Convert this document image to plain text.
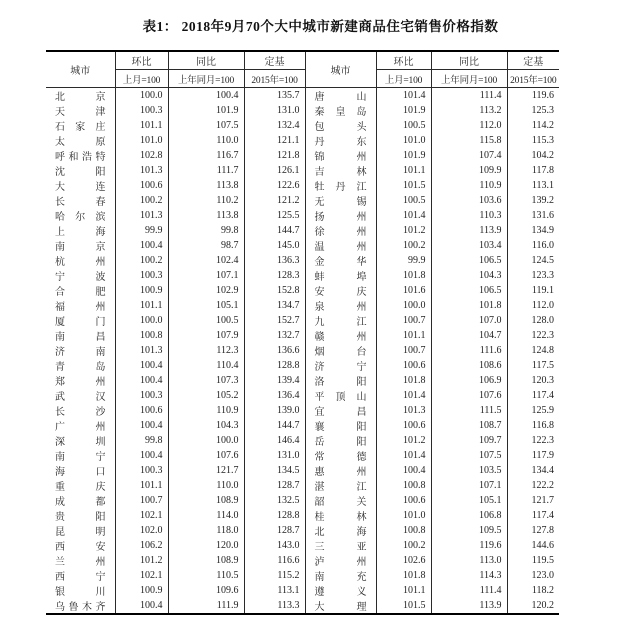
表1： 2018年9月70个大中城市新建商品住宅销售价格指数
城市	环比	同比	定基	城市	环比	同比	定基
	上月=100	上年同月=100	2015年=100		上月=100	上年同月=100	2015年=100

北 京	100.0	100.4	135.7	唐 山	101.4	111.4	119.6

天 津	100.3	101.9	131.0	秦 皇 岛	101.9	113.2	125.3

石 家 庄	101.1	107.5	132.4	包 头	100.5	112.0	114.2

太 原	101.0	110.0	121.1	丹 东	101.0	115.8	115.3

呼 和 浩 特	102.8	116.7	121.8	锦 州	101.9	107.4	104.2

沈 阳	101.3	111.7	126.1	吉 林	101.1	109.9	117.8

大 连	100.6	113.8	122.6	牡 丹 江	101.5	110.9	113.1

长 春	100.2	110.2	121.2	无 锡	100.5	103.6	139.2

哈 尔 滨	101.3	113.8	125.5	扬 州	101.4	110.3	131.6

上 海	99.9	99.8	144.7	徐 州	101.2	113.9	134.9

南 京	100.4	98.7	145.0	温 州	100.2	103.4	116.0

杭 州	100.2	102.4	136.3	金 华	99.9	106.5	124.5

宁 波	100.3	107.1	128.3	蚌 埠	101.8	104.3	123.3

合 肥	100.9	102.9	152.8	安 庆	101.6	106.5	119.1

福 州	101.1	105.1	134.7	泉 州	100.0	101.8	112.0

厦 门	100.0	100.5	152.7	九 江	100.7	107.0	128.0

南 昌	100.8	107.9	132.7	赣 州	101.1	104.7	122.3

济 南	101.3	112.3	136.6	烟 台	100.7	111.6	124.8

青 岛	100.4	110.4	128.8	济 宁	100.6	108.6	117.5

郑 州	100.4	107.3	139.4	洛 阳	101.8	106.9	120.3

武 汉	100.3	105.2	136.4	平 顶 山	101.4	107.6	117.4

长 沙	100.6	110.9	139.0	宜 昌	101.3	111.5	125.9

广 州	100.4	104.3	144.7	襄 阳	100.6	108.7	116.8

深 圳	99.8	100.0	146.4	岳 阳	101.2	109.7	122.3

南 宁	100.4	107.6	131.0	常 德	101.4	107.5	117.9

海 口	100.3	121.7	134.5	惠 州	100.4	103.5	134.4

重 庆	101.1	110.0	128.7	湛 江	100.8	107.1	122.2

成 都	100.7	108.9	132.5	韶 关	100.6	105.1	121.7

贵 阳	102.1	114.0	128.8	桂 林	101.0	106.8	117.4

昆 明	102.0	118.0	128.7	北 海	100.8	109.5	127.8

西 安	106.2	120.0	143.0	三 亚	100.2	119.6	144.6

兰 州	101.2	108.9	116.6	泸 州	102.6	113.0	119.5

西 宁	102.1	110.5	115.2	南 充	101.8	114.3	123.0

银 川	100.9	109.6	113.1	遵 义	101.1	111.4	118.2

乌 鲁 木 齐	100.4	111.9	113.3	大 理	101.5	113.9	120.2
